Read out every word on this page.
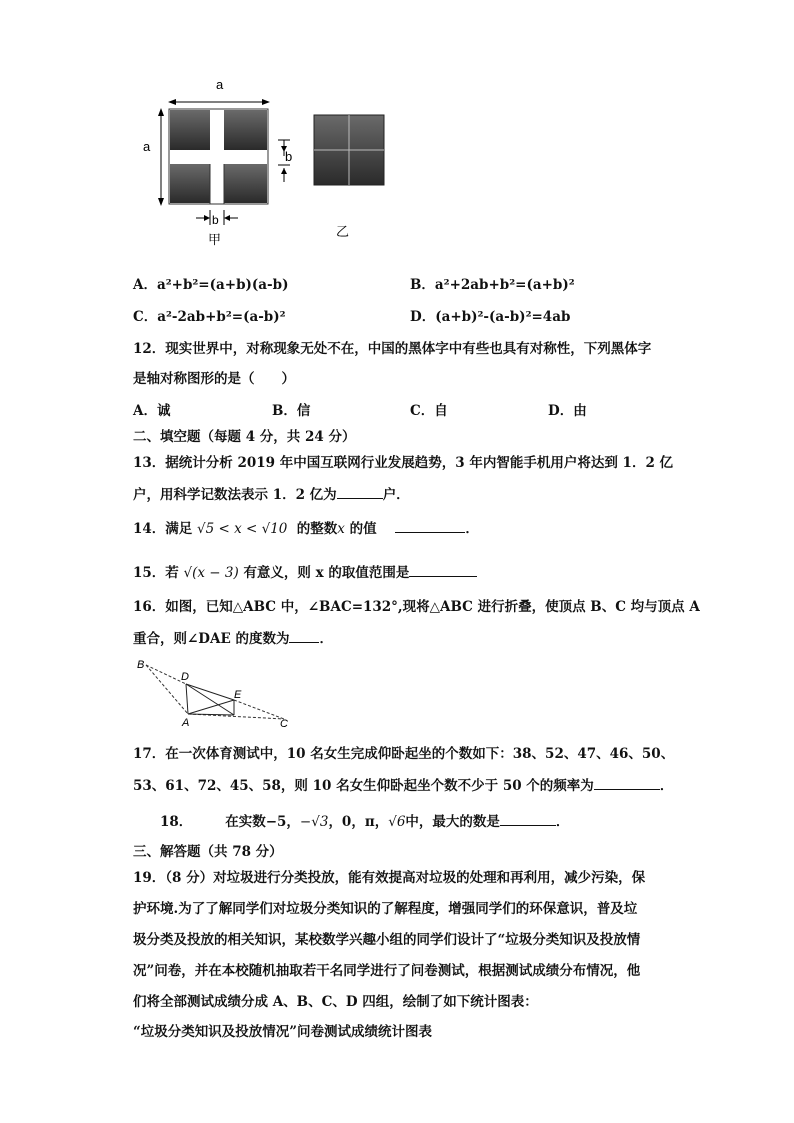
a
a
b
b
甲
乙
A．a²+b²=(a+b)(a-b)	B．a²+2ab+b²=(a+b)²
C．a²-2ab+b²=(a-b)²	D．(a+b)²-(a-b)²=4ab
12．现实世界中，对称现象无处不在，中国的黑体字中有些也具有对称性，下列黑体字
是轴对称图形的是（　　）
A．诚	B．信	C．自	D．由
二、填空题（每题 4 分，共 24 分）
13．据统计分析 2019 年中国互联网行业发展趋势，3 年内智能手机用户将达到 1．2 亿
户，用科学记数法表示 1．2 亿为	户．
14．满足 √5 < x < √10 的整数x 的值	．
15．若 √(x − 3) 有意义，则 x 的取值范围是
16．如图，已知△ABC 中，∠BAC=132°,现将△ABC 进行折叠，使顶点 B、C 均与顶点 A
重合，则∠DAE 的度数为 ．
B
D
E
A	C
17．在一次体育测试中，10 名女生完成仰卧起坐的个数如下：38、52、47、46、50、
53、61、72、45、58，则 10 名女生仰卧起坐个数不少于 50 个的频率为	．
18． 在实数−5，−√3，0，π，√6中，最大的数是	．
三、解答题（共 78 分）
19．（8 分）对垃圾进行分类投放，能有效提高对垃圾的处理和再利用，减少污染，保
护环境.为了了解同学们对垃圾分类知识的了解程度，增强同学们的环保意识，普及垃
圾分类及投放的相关知识，某校数学兴趣小组的同学们设计了“垃圾分类知识及投放情
况”问卷，并在本校随机抽取若干名同学进行了问卷测试，根据测试成绩分布情况，他
们将全部测试成绩分成 A、B、C、D 四组，绘制了如下统计图表：
“垃圾分类知识及投放情况”问卷测试成绩统计图表
